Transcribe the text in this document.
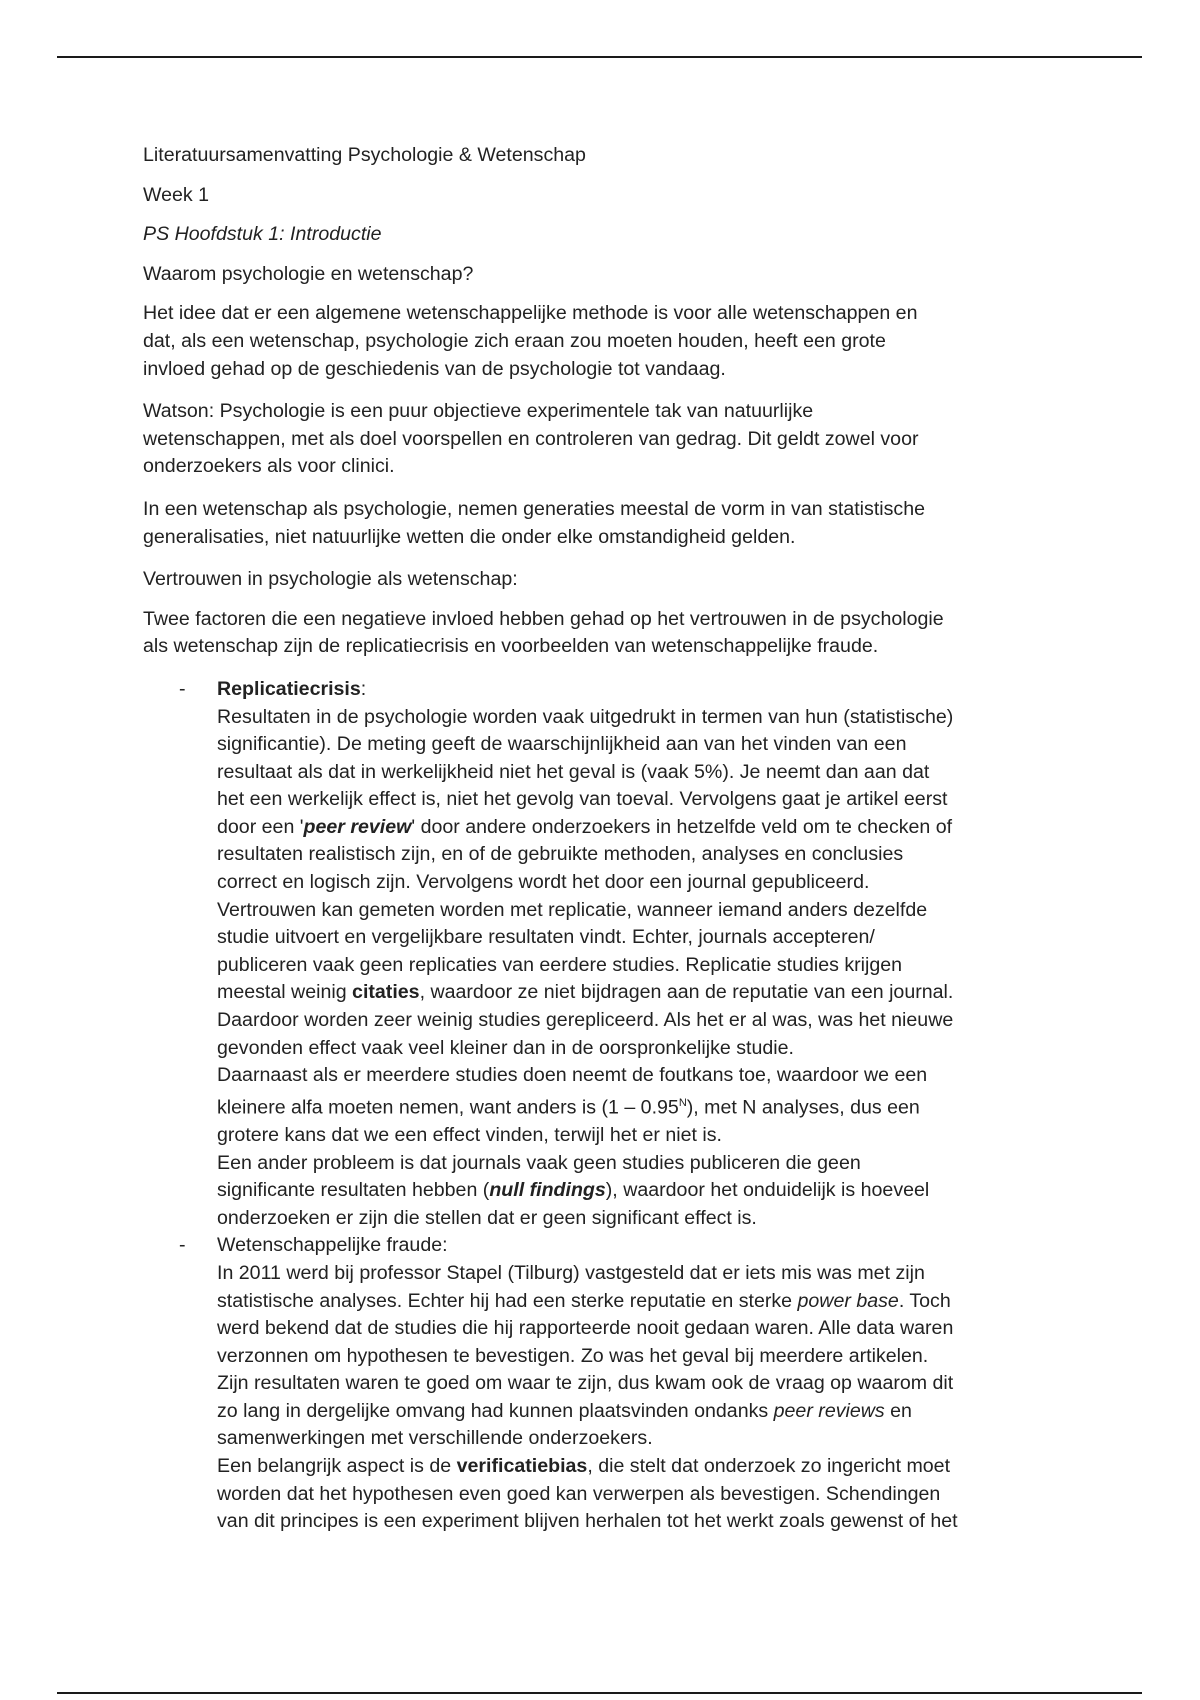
Literatuursamenvatting Psychologie & Wetenschap

Week 1

PS Hoofdstuk 1: Introductie

Waarom psychologie en wetenschap?

Het idee dat er een algemene wetenschappelijke methode is voor alle wetenschappen en
dat, als een wetenschap, psychologie zich eraan zou moeten houden, heeft een grote
invloed gehad op de geschiedenis van de psychologie tot vandaag.

Watson: Psychologie is een puur objectieve experimentele tak van natuurlijke
wetenschappen, met als doel voorspellen en controleren van gedrag. Dit geldt zowel voor
onderzoekers als voor clinici.

In een wetenschap als psychologie, nemen generaties meestal de vorm in van statistische
generalisaties, niet natuurlijke wetten die onder elke omstandigheid gelden.

Vertrouwen in psychologie als wetenschap:

Twee factoren die een negatieve invloed hebben gehad op het vertrouwen in de psychologie
als wetenschap zijn de replicatiecrisis en voorbeelden van wetenschappelijke fraude.

- Replicatiecrisis:
Resultaten in de psychologie worden vaak uitgedrukt in termen van hun (statistische)
significantie). De meting geeft de waarschijnlijkheid aan van het vinden van een
resultaat als dat in werkelijkheid niet het geval is (vaak 5%). Je neemt dan aan dat
het een werkelijk effect is, niet het gevolg van toeval. Vervolgens gaat je artikel eerst
door een 'peer review' door andere onderzoekers in hetzelfde veld om te checken of
resultaten realistisch zijn, en of de gebruikte methoden, analyses en conclusies
correct en logisch zijn. Vervolgens wordt het door een journal gepubliceerd.
Vertrouwen kan gemeten worden met replicatie, wanneer iemand anders dezelfde
studie uitvoert en vergelijkbare resultaten vindt. Echter, journals accepteren/
publiceren vaak geen replicaties van eerdere studies. Replicatie studies krijgen
meestal weinig citaties, waardoor ze niet bijdragen aan de reputatie van een journal.
Daardoor worden zeer weinig studies gerepliceerd. Als het er al was, was het nieuwe
gevonden effect vaak veel kleiner dan in de oorspronkelijke studie.
Daarnaast als er meerdere studies doen neemt de foutkans toe, waardoor we een
kleinere alfa moeten nemen, want anders is $(1 - 0.95^N)$, met N analyses, dus een
grotere kans dat we een effect vinden, terwijl het er niet is.
Een ander probleem is dat journals vaak geen studies publiceren die geen
significante resultaten hebben (null findings), waardoor het onduidelijk is hoeveel
onderzoeken er zijn die stellen dat er geen significant effect is.
- Wetenschappelijke fraude:
In 2011 werd bij professor Stapel (Tilburg) vastgesteld dat er iets mis was met zijn
statistische analyses. Echter hij had een sterke reputatie en sterke power base. Toch
werd bekend dat de studies die hij rapporteerde nooit gedaan waren. Alle data waren
verzonnen om hypothesen te bevestigen. Zo was het geval bij meerdere artikelen.
Zijn resultaten waren te goed om waar te zijn, dus kwam ook de vraag op waarom dit
zo lang in dergelijke omvang had kunnen plaatsvinden ondanks peer reviews en
samenwerkingen met verschillende onderzoekers.
Een belangrijk aspect is de verificatiebias, die stelt dat onderzoek zo ingericht moet
worden dat het hypothesen even goed kan verwerpen als bevestigen. Schendingen
van dit principes is een experiment blijven herhalen tot het werkt zoals gewenst of het
